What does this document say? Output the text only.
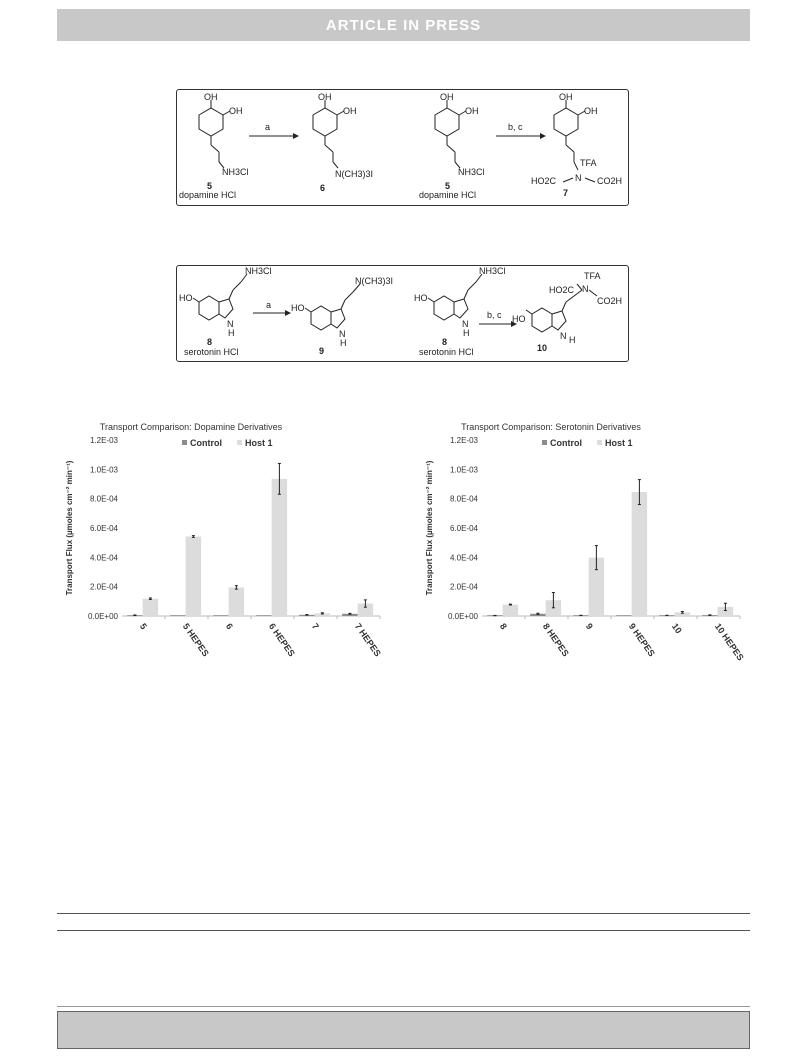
ARTICLE IN PRESS
OH
OH
NH3Cl
5
dopamine HCl
a
OH
OH
N(CH3)3I
6
OH
OH
NH3Cl
5
dopamine HCl
b, c
OH
OH
TFA
N
HO2C	CO2H
7
NH3Cl
HO
N
H
8
serotonin HCl
a
N(CH3)3I
HO
N
H
9
NH3Cl
HO
N
H
8
serotonin HCl
b, c
TFA
HO2C N
CO2H
HO
N H
10
Transport Comparison: Dopamine Derivatives
Control	Host 1
0.0E+00
2.0E-04
4.0E-04
6.0E-04
8.0E-04
1.0E-03
1.2E-03
Transport Flux (µmoles cm⁻² min⁻¹)
5	5 HEPES 6	6 HEPES 7	7 HEPES
Transport Comparison: Serotonin Derivatives
Control	Host 1
0.0E+00
2.0E-04
4.0E-04
6.0E-04
8.0E-04
1.0E-03
1.2E-03
Transport Flux (µmoles cm⁻² min⁻¹)
8	8 HEPES 9	9 HEPES 10	10 HEPES
